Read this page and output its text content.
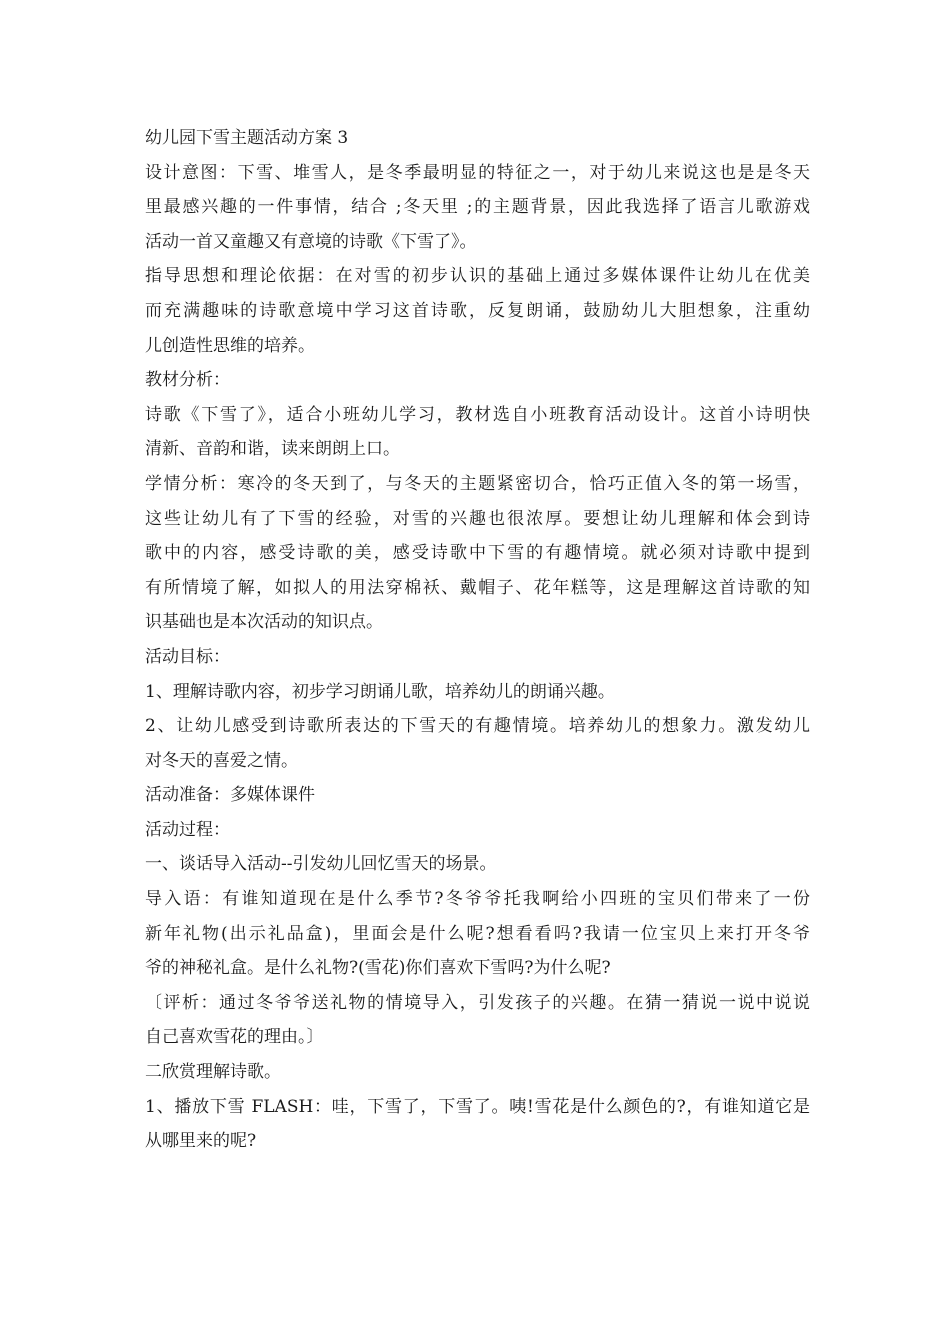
幼儿园下雪主题活动方案 3
设计意图：下雪、堆雪人，是冬季最明显的特征之一，对于幼儿来说这也是是冬天
里最感兴趣的一件事情，结合 ;冬天里 ;的主题背景，因此我选择了语言儿歌游戏
活动一首又童趣又有意境的诗歌《下雪了》。
指导思想和理论依据：在对雪的初步认识的基础上通过多媒体课件让幼儿在优美
而充满趣味的诗歌意境中学习这首诗歌，反复朗诵，鼓励幼儿大胆想象，注重幼
儿创造性思维的培养。
教材分析：
诗歌《下雪了》，适合小班幼儿学习，教材选自小班教育活动设计。这首小诗明快
清新、音韵和谐，读来朗朗上口。
学情分析：寒冷的冬天到了，与冬天的主题紧密切合，恰巧正值入冬的第一场雪，
这些让幼儿有了下雪的经验，对雪的兴趣也很浓厚。要想让幼儿理解和体会到诗
歌中的内容，感受诗歌的美，感受诗歌中下雪的有趣情境。就必须对诗歌中提到
有所情境了解，如拟人的用法穿棉袄、戴帽子、花年糕等，这是理解这首诗歌的知
识基础也是本次活动的知识点。
活动目标：
1、理解诗歌内容，初步学习朗诵儿歌，培养幼儿的朗诵兴趣。
2、让幼儿感受到诗歌所表达的下雪天的有趣情境。培养幼儿的想象力。激发幼儿
对冬天的喜爱之情。
活动准备：多媒体课件
活动过程：
一、谈话导入活动--引发幼儿回忆雪天的场景。
导入语：有谁知道现在是什么季节?冬爷爷托我啊给小四班的宝贝们带来了一份
新年礼物(出示礼品盒)，里面会是什么呢?想看看吗?我请一位宝贝上来打开冬爷
爷的神秘礼盒。是什么礼物?(雪花)你们喜欢下雪吗?为什么呢?
〔评析：通过冬爷爷送礼物的情境导入，引发孩子的兴趣。在猜一猜说一说中说说
自己喜欢雪花的理由。〕
二欣赏理解诗歌。
1、播放下雪 FLASH：哇，下雪了，下雪了。咦!雪花是什么颜色的?，有谁知道它是
从哪里来的呢?
